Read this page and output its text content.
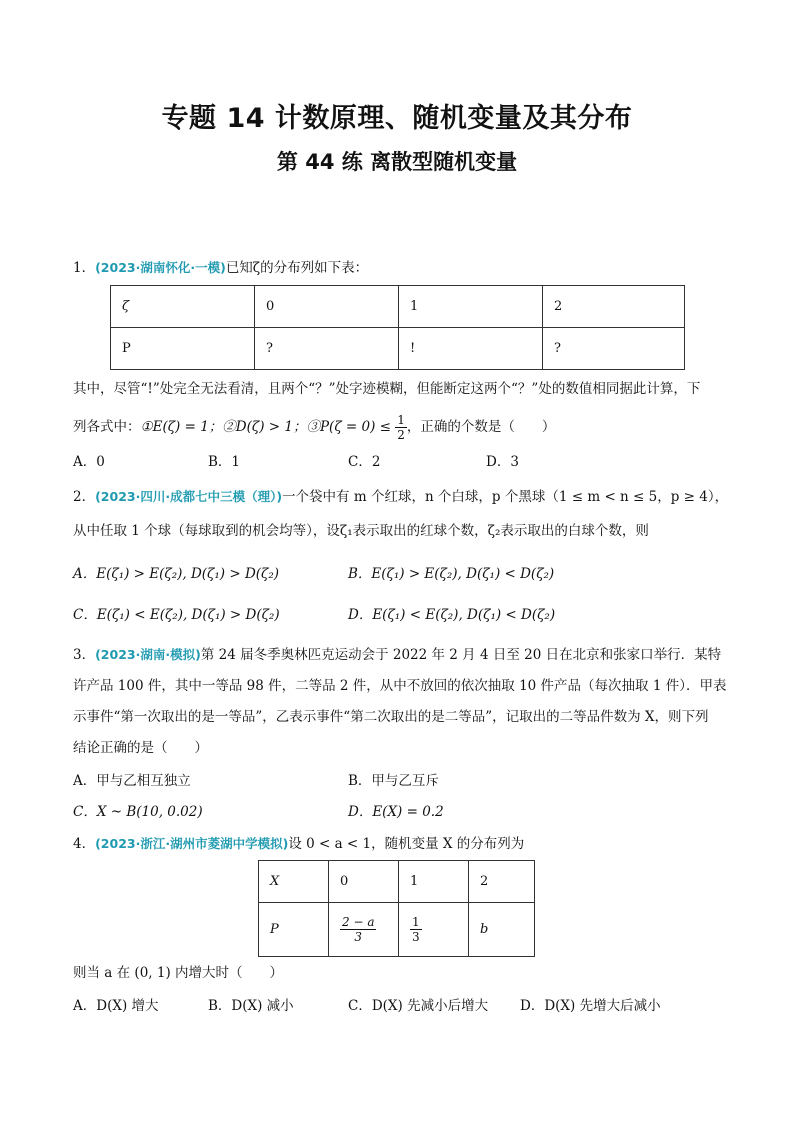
专题 14 计数原理、随机变量及其分布
第 44 练 离散型随机变量
1．(2023·湖南怀化·一模)已知ζ的分布列如下表：
ζ	0	1	2
P	?	!	?
其中，尽管“!”处完全无法看清，且两个“？”处字迹模糊，但能断定这两个“？”处的数值相同据此计算，下
列各式中：①E(ζ) = 1；②D(ζ) > 1；③P(ζ = $0) \le \frac{1}{2}$ ，正确的个数是（　　）
A．0	B．1	C．2	D．3
2．(2023·四川·成都七中三模（理）)一个袋中有 m 个红球，n 个白球，p 个黑球（1 ≤ m < n ≤ 5，p ≥ 4），
从中任取 1 个球（每球取到的机会均等），设ζ₁表示取出的红球个数，ζ₂表示取出的白球个数，则
A．E(ζ₁) > E(ζ₂), D(ζ₁) > D(ζ₂)	B．E(ζ₁) > E(ζ₂), D(ζ₁) < D(ζ₂)
C．E(ζ₁) < E(ζ₂), D(ζ₁) > D(ζ₂)	D．E(ζ₁) < E(ζ₂), D(ζ₁) < D(ζ₂)
3．(2023·湖南·模拟)第 24 届冬季奥林匹克运动会于 2022 年 2 月 4 日至 20 日在北京和张家口举行．某特
许产品 100 件，其中一等品 98 件，二等品 2 件，从中不放回的依次抽取 10 件产品（每次抽取 1 件）．甲表
示事件“第一次取出的是一等品”，乙表示事件“第二次取出的是二等品”，记取出的二等品件数为 X，则下列
结论正确的是（　　）
A．甲与乙相互独立	B．甲与乙互斥
C．X ~ B(10, 0.02)	D．E(X) = 0.2
4．(2023·浙江·湖州市菱湖中学模拟)设 0 < a < 1，随机变量 X 的分布列为
X	0	1	2
P	$\frac{2 - a}{3}$	$\frac{1}{3}$	b
则当 a 在 (0, 1) 内增大时（　　）
A．D(X) 增大	B．D(X) 减小	C．D(X) 先减小后增大 D．D(X) 先增大后减小
